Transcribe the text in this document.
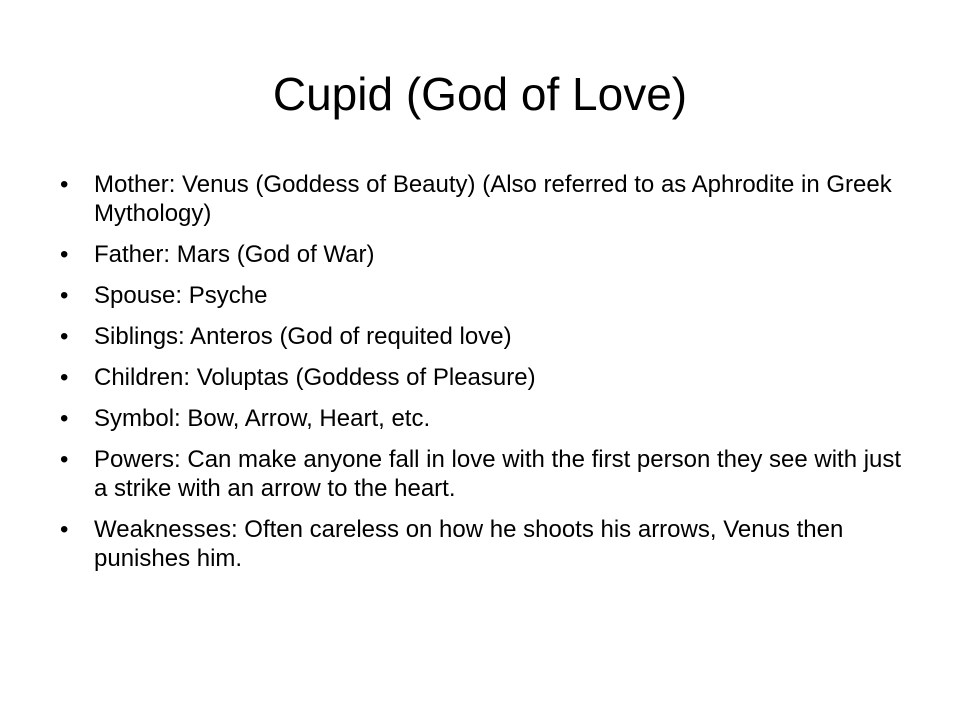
Cupid (God of Love)
•	Mother: Venus (Goddess of Beauty) (Also referred to as Aphrodite in Greek Mythology)
•	Father: Mars (God of War)
•	Spouse: Psyche
•	Siblings: Anteros (God of requited love)
•	Children: Voluptas (Goddess of Pleasure)
•	Symbol: Bow, Arrow, Heart, etc.
•	Powers: Can make anyone fall in love with the first person they see with just a strike with an arrow to the heart.
•	Weaknesses: Often careless on how he shoots his arrows, Venus then punishes him.
